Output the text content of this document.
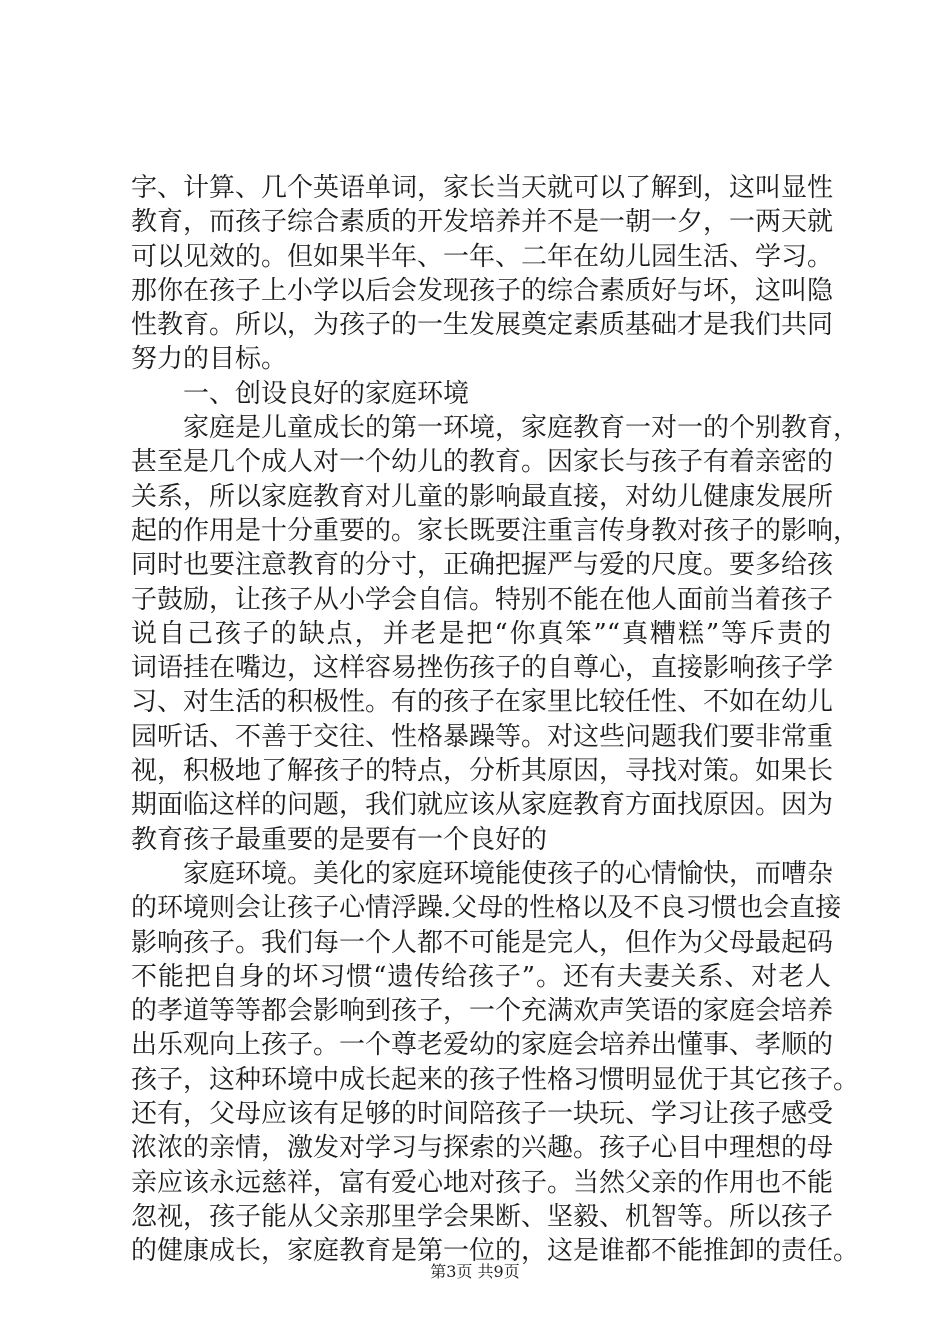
字、计算、几个英语单词，家长当天就可以了解到，这叫显性
教育，而孩子综合素质的开发培养并不是一朝一夕，一两天就
可以见效的。但如果半年、一年、二年在幼儿园生活、学习。
那你在孩子上小学以后会发现孩子的综合素质好与坏，这叫隐
性教育。所以，为孩子的一生发展奠定素质基础才是我们共同
努力的目标。
一、创设良好的家庭环境
家庭是儿童成长的第一环境，家庭教育一对一的个别教育，
甚至是几个成人对一个幼儿的教育。因家长与孩子有着亲密的
关系，所以家庭教育对儿童的影响最直接，对幼儿健康发展所
起的作用是十分重要的。家长既要注重言传身教对孩子的影响，
同时也要注意教育的分寸，正确把握严与爱的尺度。要多给孩
子鼓励，让孩子从小学会自信。特别不能在他人面前当着孩子
说自己孩子的缺点，并老是把“你真笨”“真糟糕”等斥责的
词语挂在嘴边，这样容易挫伤孩子的自尊心，直接影响孩子学
习、对生活的积极性。有的孩子在家里比较任性、不如在幼儿
园听话、不善于交往、性格暴躁等。对这些问题我们要非常重
视，积极地了解孩子的特点，分析其原因，寻找对策。如果长
期面临这样的问题，我们就应该从家庭教育方面找原因。因为
教育孩子最重要的是要有一个良好的
家庭环境。美化的家庭环境能使孩子的心情愉快，而嘈杂
的环境则会让孩子心情浮躁.父母的性格以及不良习惯也会直接
影响孩子。我们每一个人都不可能是完人，但作为父母最起码
不能把自身的坏习惯“遗传给孩子”。还有夫妻关系、对老人
的孝道等等都会影响到孩子，一个充满欢声笑语的家庭会培养
出乐观向上孩子。一个尊老爱幼的家庭会培养出懂事、孝顺的
孩子，这种环境中成长起来的孩子性格习惯明显优于其它孩子。
还有，父母应该有足够的时间陪孩子一块玩、学习让孩子感受
浓浓的亲情，激发对学习与探索的兴趣。孩子心目中理想的母
亲应该永远慈祥，富有爱心地对孩子。当然父亲的作用也不能
忽视，孩子能从父亲那里学会果断、坚毅、机智等。所以孩子
的健康成长，家庭教育是第一位的，这是谁都不能推卸的责任。
第3页 共9页
